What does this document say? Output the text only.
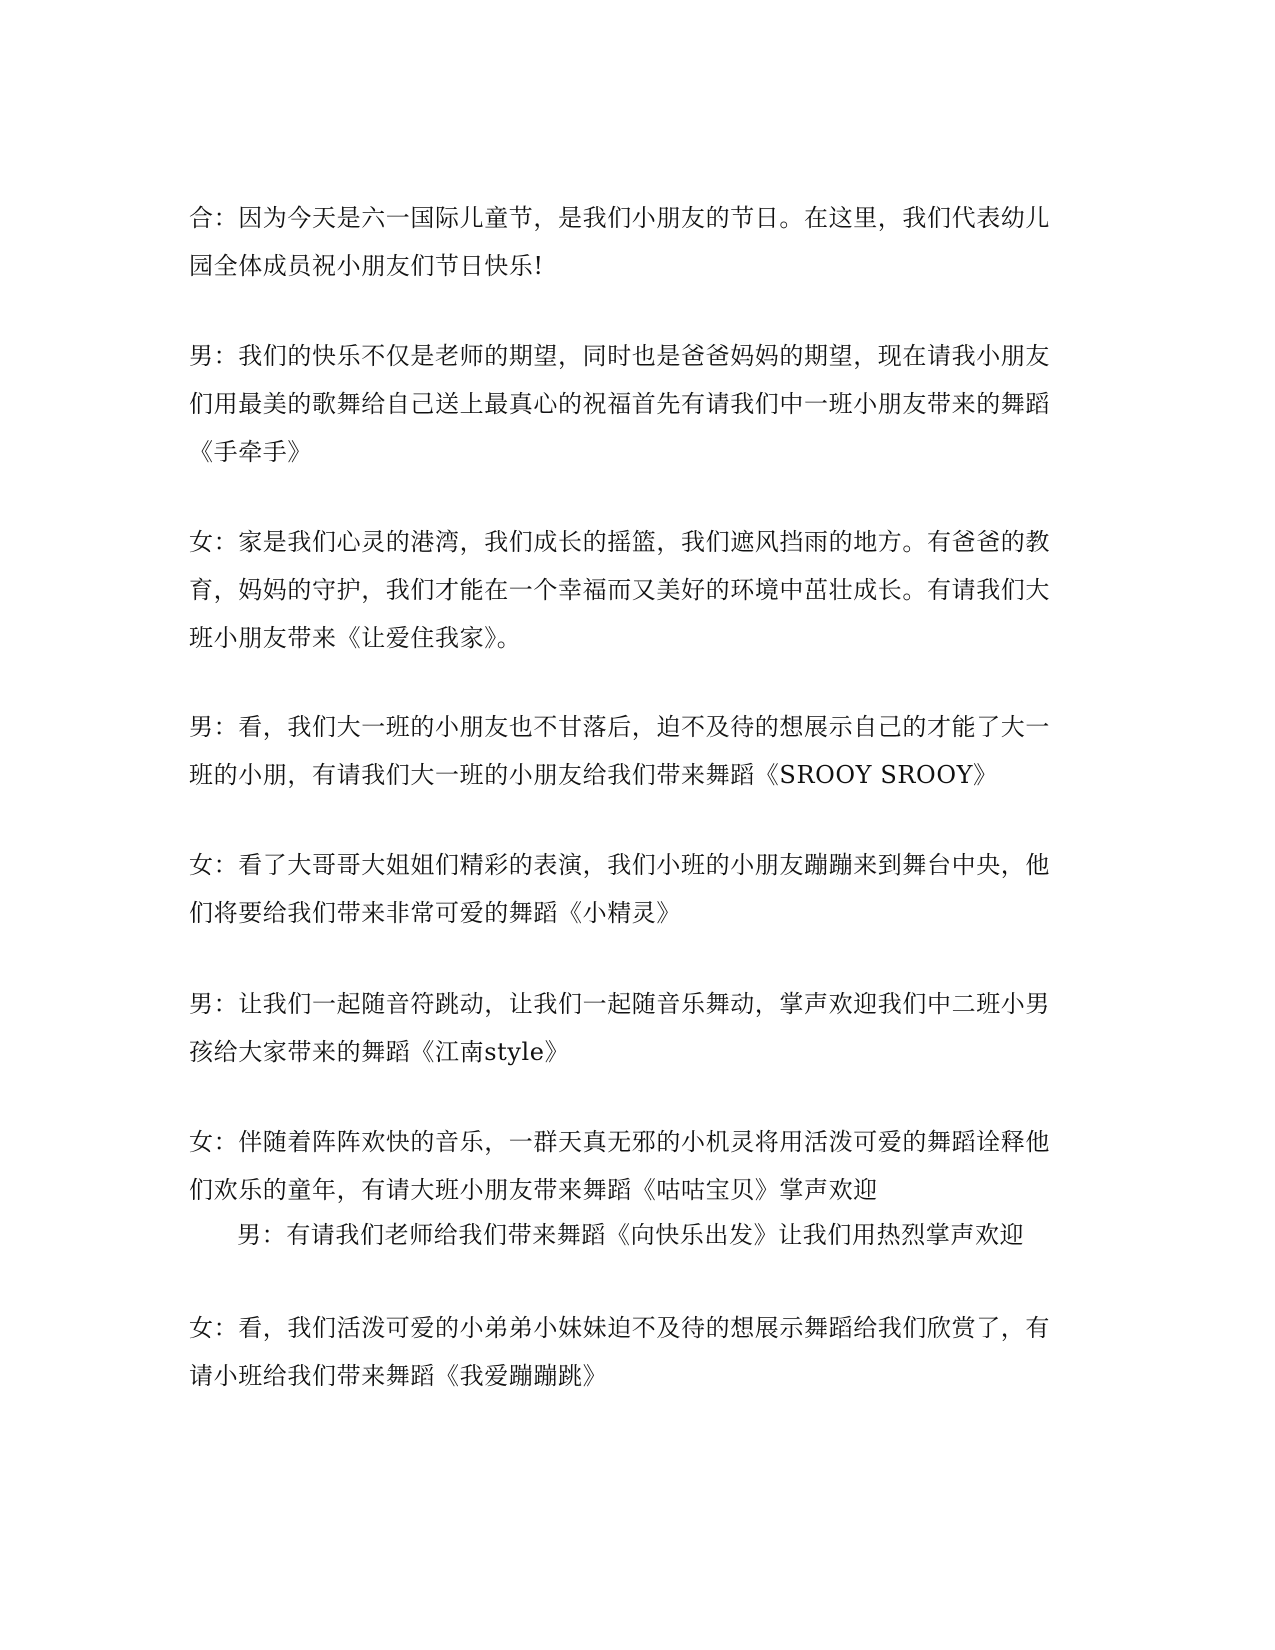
合：因为今天是六一国际儿童节，是我们小朋友的节日。在这里，我们代表幼儿园全体成员祝小朋友们节日快乐!

男：我们的快乐不仅是老师的期望，同时也是爸爸妈妈的期望，现在请我小朋友们用最美的歌舞给自己送上最真心的祝福首先有请我们中一班小朋友带来的舞蹈《手牵手》

女：家是我们心灵的港湾，我们成长的摇篮，我们遮风挡雨的地方。有爸爸的教育，妈妈的守护，我们才能在一个幸福而又美好的环境中茁壮成长。有请我们大班小朋友带来《让爱住我家》。

男：看，我们大一班的小朋友也不甘落后，迫不及待的想展示自己的才能了大一班的小朋，有请我们大一班的小朋友给我们带来舞蹈《SROOY SROOY》

女：看了大哥哥大姐姐们精彩的表演，我们小班的小朋友蹦蹦来到舞台中央，他们将要给我们带来非常可爱的舞蹈《小精灵》

男：让我们一起随音符跳动，让我们一起随音乐舞动，掌声欢迎我们中二班小男孩给大家带来的舞蹈《江南style》

女：伴随着阵阵欢快的音乐，一群天真无邪的小机灵将用活泼可爱的舞蹈诠释他们欢乐的童年，有请大班小朋友带来舞蹈《咕咕宝贝》掌声欢迎

男：有请我们老师给我们带来舞蹈《向快乐出发》让我们用热烈掌声欢迎

女：看，我们活泼可爱的小弟弟小妹妹迫不及待的想展示舞蹈给我们欣赏了，有请小班给我们带来舞蹈《我爱蹦蹦跳》
